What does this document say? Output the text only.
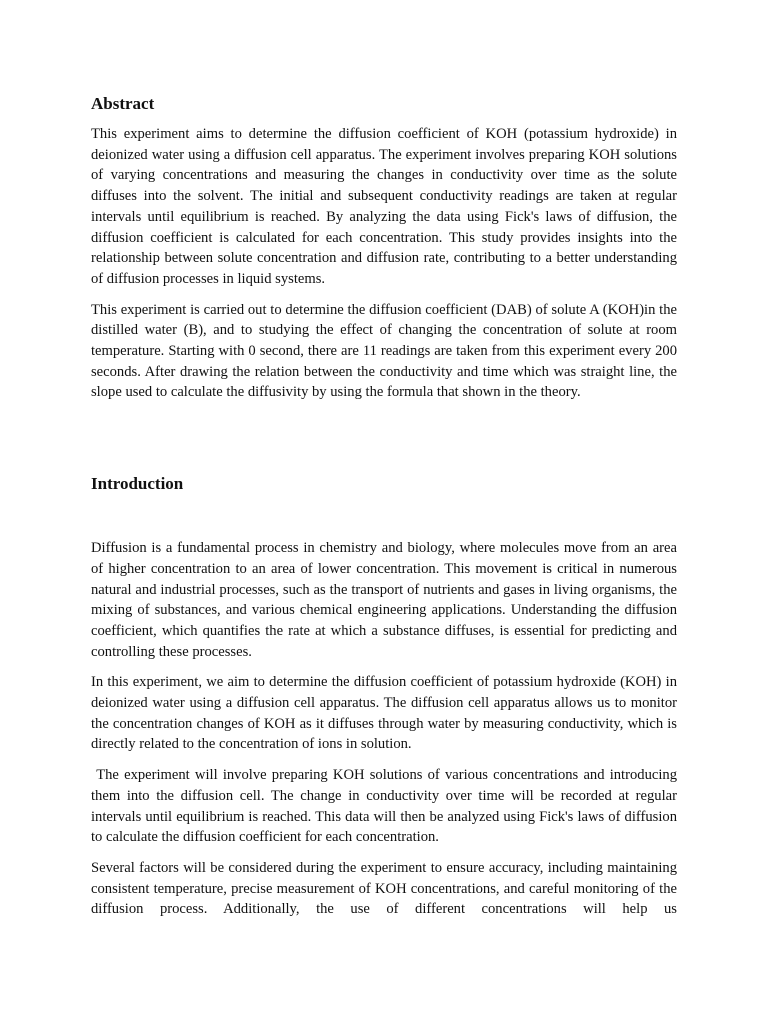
Abstract

This experiment aims to determine the diffusion coefficient of KOH (potassium hydroxide) in deionized water using a diffusion cell apparatus. The experiment involves preparing KOH solutions of varying concentrations and measuring the changes in conductivity over time as the solute diffuses into the solvent. The initial and subsequent conductivity readings are taken at regular intervals until equilibrium is reached. By analyzing the data using Fick's laws of diffusion, the diffusion coefficient is calculated for each concentration. This study provides insights into the relationship between solute concentration and diffusion rate, contributing to a better understanding of diffusion processes in liquid systems.

This experiment is carried out to determine the diffusion coefficient (DAB) of solute A (KOH)in the distilled water (B), and to studying the effect of changing the concentration of solute at room temperature. Starting with 0 second, there are 11 readings are taken from this experiment every 200 seconds. After drawing the relation between the conductivity and time which was straight line, the slope used to calculate the diffusivity by using the formula that shown in the theory.

Introduction

Diffusion is a fundamental process in chemistry and biology, where molecules move from an area of higher concentration to an area of lower concentration. This movement is critical in numerous natural and industrial processes, such as the transport of nutrients and gases in living organisms, the mixing of substances, and various chemical engineering applications. Understanding the diffusion coefficient, which quantifies the rate at which a substance diffuses, is essential for predicting and controlling these processes.

In this experiment, we aim to determine the diffusion coefficient of potassium hydroxide (KOH) in deionized water using a diffusion cell apparatus. The diffusion cell apparatus allows us to monitor the concentration changes of KOH as it diffuses through water by measuring conductivity, which is directly related to the concentration of ions in solution.

The experiment will involve preparing KOH solutions of various concentrations and introducing them into the diffusion cell. The change in conductivity over time will be recorded at regular intervals until equilibrium is reached. This data will then be analyzed using Fick's laws of diffusion to calculate the diffusion coefficient for each concentration.

Several factors will be considered during the experiment to ensure accuracy, including maintaining consistent temperature, precise measurement of KOH concentrations, and careful monitoring of the diffusion process. Additionally, the use of different concentrations will help us
